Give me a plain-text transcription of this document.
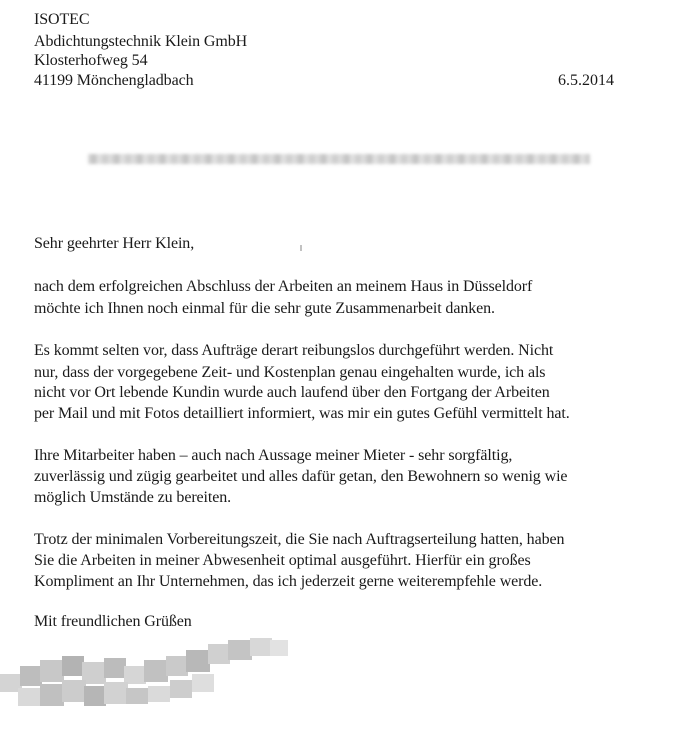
ISOTEC
Abdichtungstechnik Klein GmbH
Klosterhofweg 54
41199 Mönchengladbach	6.5.2014
Sehr geehrter Herr Klein,
nach dem erfolgreichen Abschluss der Arbeiten an meinem Haus in Düsseldorf
möchte ich Ihnen noch einmal für die sehr gute Zusammenarbeit danken.
Es kommt selten vor, dass Aufträge derart reibungslos durchgeführt werden. Nicht
nur, dass der vorgegebene Zeit- und Kostenplan genau eingehalten wurde, ich als
nicht vor Ort lebende Kundin wurde auch laufend über den Fortgang der Arbeiten
per Mail und mit Fotos detailliert informiert, was mir ein gutes Gefühl vermittelt hat.
Ihre Mitarbeiter haben – auch nach Aussage meiner Mieter - sehr sorgfältig,
zuverlässig und zügig gearbeitet und alles dafür getan, den Bewohnern so wenig wie
möglich Umstände zu bereiten.
Trotz der minimalen Vorbereitungszeit, die Sie nach Auftragserteilung hatten, haben
Sie die Arbeiten in meiner Abwesenheit optimal ausgeführt. Hierfür ein großes
Kompliment an Ihr Unternehmen, das ich jederzeit gerne weiterempfehle werde.
Mit freundlichen Grüßen
